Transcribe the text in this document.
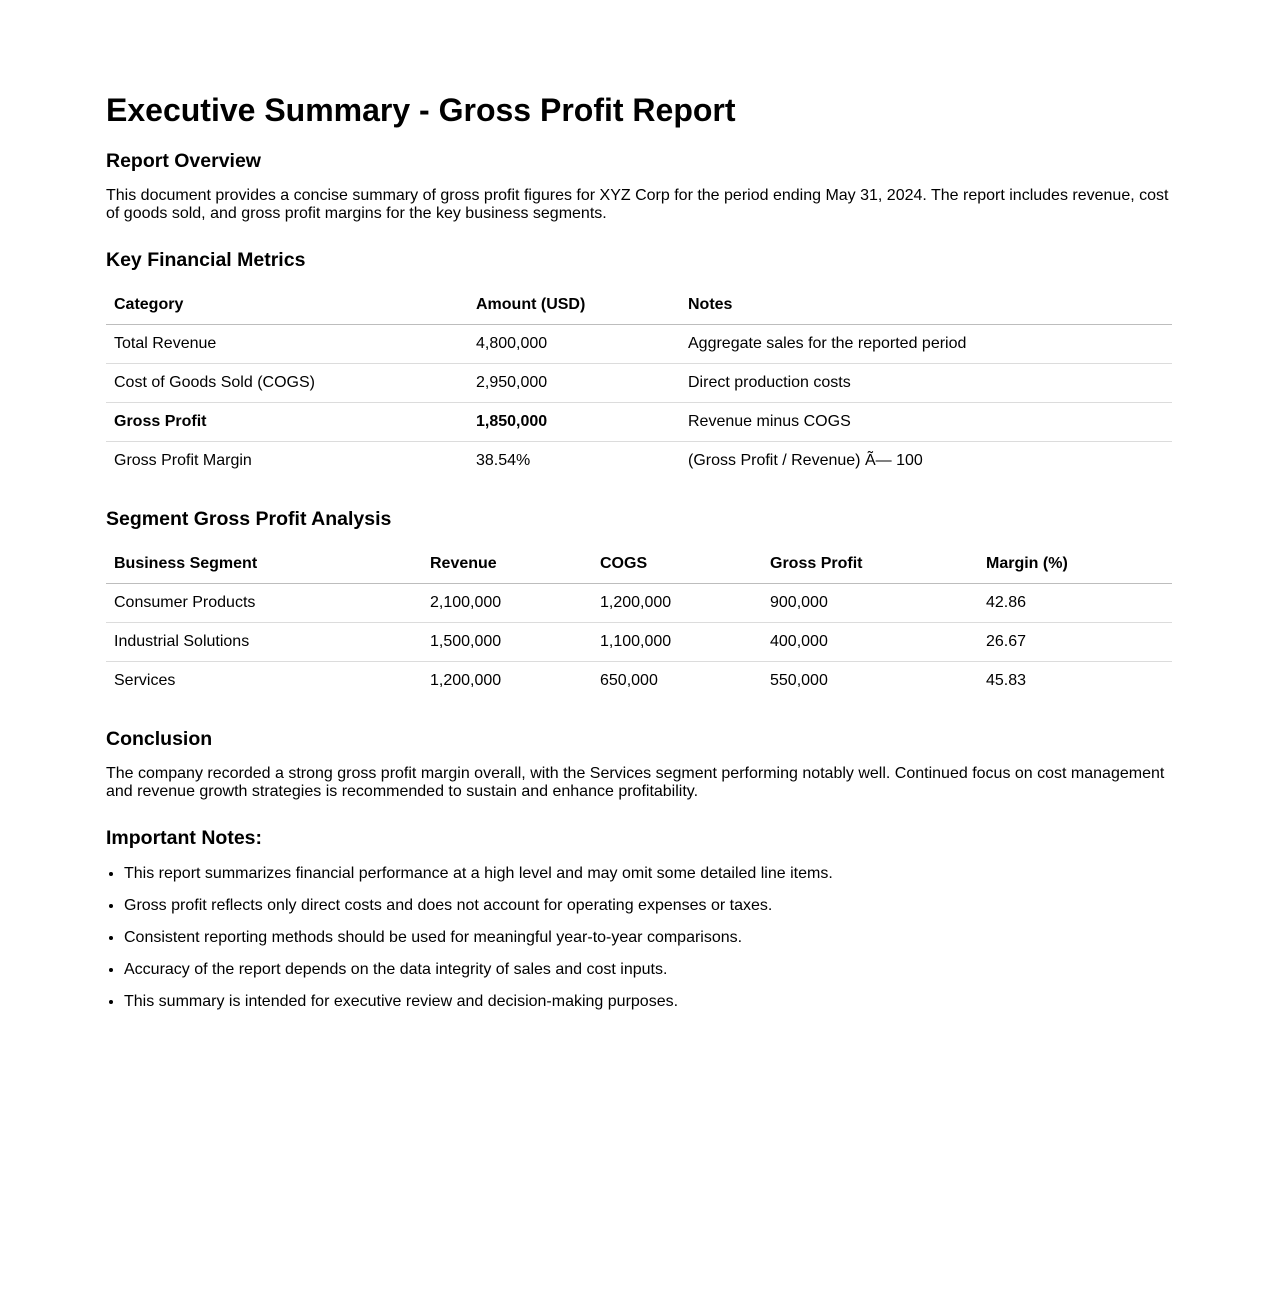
Executive Summary - Gross Profit Report
Report Overview

This document provides a concise summary of gross profit figures for XYZ Corp for the period ending May 31, 2024. The report includes revenue, cost of goods sold, and gross profit margins for the key business segments.

Key Financial Metrics
Category	Amount (USD)	Notes
Total Revenue	4,800,000	Aggregate sales for the reported period
Cost of Goods Sold (COGS)	2,950,000	Direct production costs
Gross Profit	1,850,000	Revenue minus COGS
Gross Profit Margin	38.54%	(Gross Profit / Revenue) Ã— 100
Segment Gross Profit Analysis
Business Segment	Revenue	COGS	Gross Profit	Margin (%)
Consumer Products	2,100,000	1,200,000	900,000	42.86
Industrial Solutions	1,500,000	1,100,000	400,000	26.67
Services	1,200,000	650,000	550,000	45.83
Conclusion

The company recorded a strong gross profit margin overall, with the Services segment performing notably well. Continued focus on cost management and revenue growth strategies is recommended to sustain and enhance profitability.

Important Notes:
• This report summarizes financial performance at a high level and may omit some detailed line items.
• Gross profit reflects only direct costs and does not account for operating expenses or taxes.
• Consistent reporting methods should be used for meaningful year-to-year comparisons.
• Accuracy of the report depends on the data integrity of sales and cost inputs.
• This summary is intended for executive review and decision-making purposes.
